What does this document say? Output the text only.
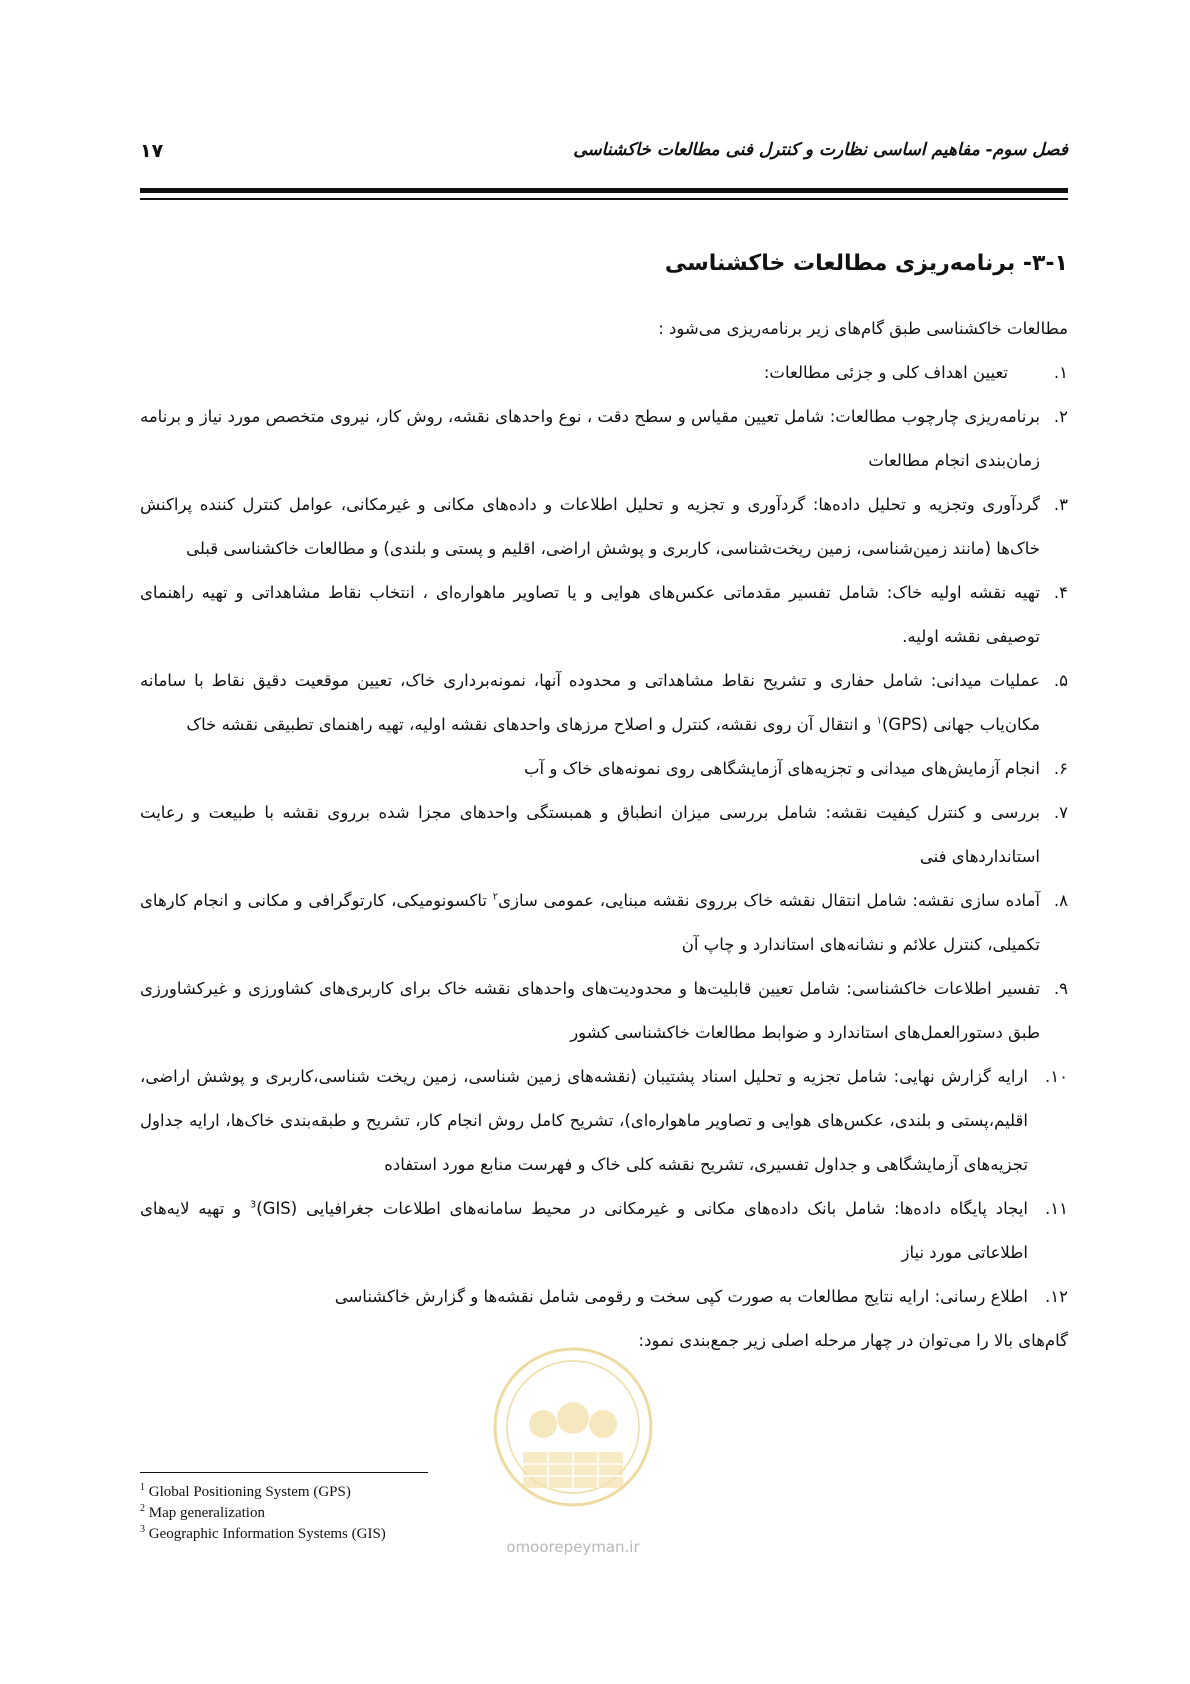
فصل سوم- مفاهیم اساسی نظارت و کنترل فنی مطالعات خاکشناسی
۱۷
۳-۱- برنامه‌ریزی مطالعات خاکشناسی

مطالعات خاکشناسی طبق گام‌های زیر برنامه‌ریزی می‌شود :

۱.
تعیین اهداف کلی و جزئی مطالعات:
۲.
برنامه‌ریزی چارچوب مطالعات: شامل تعیین مقیاس و سطح دقت ، نوع واحدهای نقشه، روش کار، نیروی متخصص مورد نیاز و برنامه زمان‌بندی انجام مطالعات
۳.
گردآوری وتجزیه و تحلیل داده‌ها: گردآوری و تجزیه و تحلیل اطلاعات و داده‌های مکانی و غیرمکانی، عوامل کنترل کننده پراکنش خاک‌ها (مانند زمین‌شناسی، زمین ریخت‌شناسی، کاربری و پوشش اراضی، اقلیم و پستی و بلندی) و مطالعات خاکشناسی قبلی
۴.
تهیه نقشه اولیه خاک: شامل تفسیر مقدماتی عکس‌های هوایی و یا تصاویر ماهواره‌ای ، انتخاب نقاط مشاهداتی و تهیه راهنمای توصیفی نقشه اولیه.
۵.
عملیات میدانی: شامل حفاری و تشریح نقاط مشاهداتی و محدوده آنها، نمونه‌برداری خاک، تعیین موقعیت دقیق نقاط با سامانه مکان‌یاب جهانی (GPS)$^۱$ و انتقال آن روی نقشه، کنترل و اصلاح مرزهای واحدهای نقشه اولیه، تهیه راهنمای تطبیقی نقشه خاک
۶.
انجام آزمایش‌های میدانی و تجزیه‌های آزمایشگاهی روی نمونه‌های خاک و آب
۷.
بررسی و کنترل کیفیت نقشه: شامل بررسی میزان انطباق و همبستگی واحدهای مجزا شده برروی نقشه با طبیعت و رعایت استانداردهای فنی
۸.
آماده سازی نقشه: شامل انتقال نقشه خاک برروی نقشه مبنایی، عمومی سازی$^۲$ تاکسونومیکی، کارتوگرافی و مکانی و انجام کارهای تکمیلی، کنترل علائم و نشانه‌های استاندارد و چاپ آن
۹.
تفسیر اطلاعات خاکشناسی: شامل تعیین قابلیت‌ها و محدودیت‌های واحدهای نقشه خاک برای کاربری‌های کشاورزی و غیرکشاورزی طبق دستورالعمل‌های استاندارد و ضوابط مطالعات خاکشناسی کشور
۱۰.
ارایه گزارش نهایی: شامل تجزیه و تحلیل اسناد پشتیبان (نقشه‌های زمین شناسی، زمین ریخت شناسی،کاربری و پوشش اراضی، اقلیم،پستی و بلندی، عکس‌های هوایی و تصاویر ماهواره‌ای)، تشریح کامل روش انجام کار، تشریح و طبقه‌بندی خاک‌ها، ارایه جداول تجزیه‌های آزمایشگاهی و جداول تفسیری، تشریح نقشه کلی خاک و فهرست منابع مورد استفاده
۱۱.
ایجاد پایگاه داده‌ها: شامل بانک داده‌های مکانی و غیرمکانی در محیط سامانه‌های اطلاعات جغرافیایی (GIS)$^3$ و تهیه لایه‌های اطلاعاتی مورد نیاز
۱۲.
اطلاع رسانی: ارایه نتایج مطالعات به صورت کپی سخت و رقومی شامل نقشه‌ها و گزارش خاکشناسی

گام‌های بالا را می‌توان در چهار مرحله اصلی زیر جمع‌بندی نمود:

omoorepeyman.ir
$^1$ Global Positioning System (GPS)
$^2$ Map generalization
$^3$ Geographic Information Systems (GIS)
